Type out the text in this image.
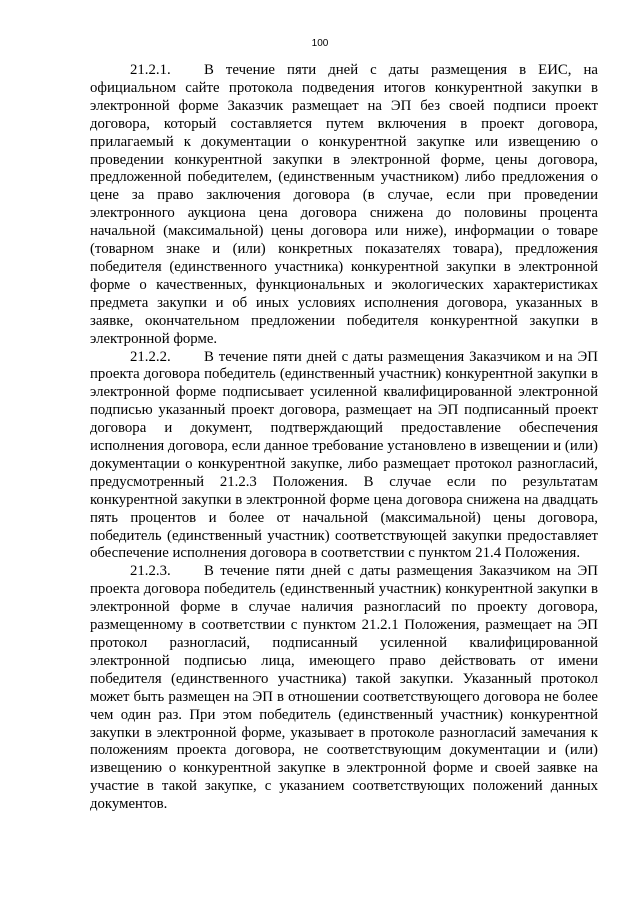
100

21.2.1. В течение пяти дней с даты размещения в ЕИС, на официальном сайте протокола подведения итогов конкурентной закупки в электронной форме Заказчик размещает на ЭП без своей подписи проект договора, который составляется путем включения в проект договора, прилагаемый к документации о конкурентной закупке или извещению о проведении конкурентной закупки в электронной форме, цены договора, предложенной победителем, (единственным участником) либо предложения о цене за право заключения договора (в случае, если при проведении электронного аукциона цена договора снижена до половины процента начальной (максимальной) цены договора или ниже), информации о товаре (товарном знаке и (или) конкретных показателях товара), предложения победителя (единственного участника) конкурентной закупки в электронной форме о качественных, функциональных и экологических характеристиках предмета закупки и об иных условиях исполнения договора, указанных в заявке, окончательном предложении победителя конкурентной закупки в электронной форме.

21.2.2. В течение пяти дней с даты размещения Заказчиком и на ЭП проекта договора победитель (единственный участник) конкурентной закупки в электронной форме подписывает усиленной квалифицированной электронной подписью указанный проект договора, размещает на ЭП подписанный проект договора и документ, подтверждающий предоставление обеспечения исполнения договора, если данное требование установлено в извещении и (или) документации о конкурентной закупке, либо размещает протокол разногласий, предусмотренный 21.2.3 Положения. В случае если по результатам конкурентной закупки в электронной форме цена договора снижена на двадцать пять процентов и более от начальной (максимальной) цены договора, победитель (единственный участник) соответствующей закупки предоставляет обеспечение исполнения договора в соответствии с пунктом 21.4 Положения.

21.2.3. В течение пяти дней с даты размещения Заказчиком на ЭП проекта договора победитель (единственный участник) конкурентной закупки в электронной форме в случае наличия разногласий по проекту договора, размещенному в соответствии с пунктом 21.2.1 Положения, размещает на ЭП протокол разногласий, подписанный усиленной квалифицированной электронной подписью лица, имеющего право действовать от имени победителя (единственного участника) такой закупки. Указанный протокол может быть размещен на ЭП в отношении соответствующего договора не более чем один раз. При этом победитель (единственный участник) конкурентной закупки в электронной форме, указывает в протоколе разногласий замечания к положениям проекта договора, не соответствующим документации и (или) извещению о конкурентной закупке в электронной форме и своей заявке на участие в такой закупке, с указанием соответствующих положений данных документов.
